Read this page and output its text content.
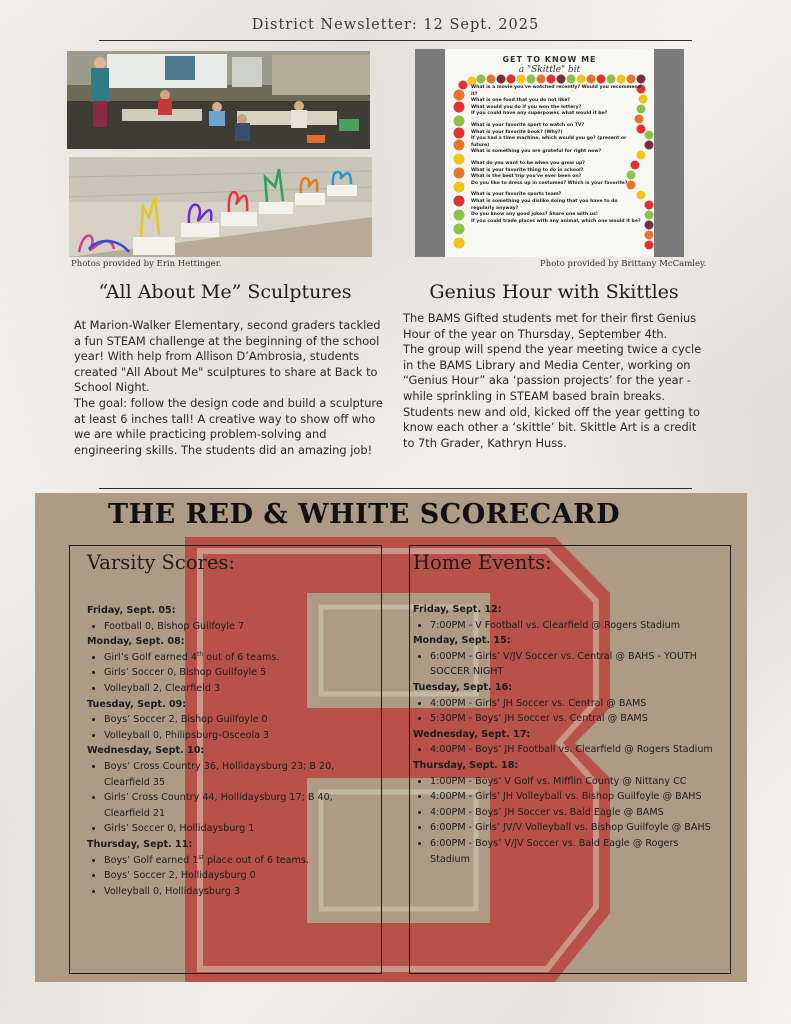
District Newsletter: 12 Sept. 2025
Photos provided by Erin Hettinger.
GET TO KNOW ME
a "Skittle" bit
What is a movie you've watched recently? Would you recommend it?
What is one food that you do not like?
What would you do if you won the lottery?
If you could have any superpower, what would it be?
What is your favorite sport to watch on TV?
What is your favorite book? (Why?)
If you had a time machine, which would you go? (present or future)
What is something you are grateful for right now?
What do you want to be when you grow up?
What is your favorite thing to do in school?
What is the best trip you've ever been on?
Do you like to dress up in costumes? Which is your favorite?
What is your favorite sports team?
What is something you dislike doing that you have to do regularly anyway?
Do you know any good jokes? Share one with us!
If you could trade places with any animal, which one would it be?
Photo provided by Brittany McCamley.
“All About Me” Sculptures

At Marion-Walker Elementary, second graders tackled a fun STEAM challenge at the beginning of the school year! With help from Allison D’Ambrosia, students created "All About Me" sculptures to share at Back to School Night.

The goal: follow the design code and build a sculpture at least 6 inches tall! A creative way to show off who we are while practicing problem-solving and engineering skills. The students did an amazing job!

Genius Hour with Skittles

The BAMS Gifted students met for their first Genius Hour of the year on Thursday, September 4th.

The group will spend the year meeting twice a cycle in the BAMS Library and Media Center, working on “Genius Hour” aka ‘passion projects’ for the year - while sprinkling in STEAM based brain breaks.

Students new and old, kicked off the year getting to know each other a ‘skittle’ bit. Skittle Art is a credit to 7th Grader, Kathryn Huss.

THE RED & WHITE SCORECARD
Varsity Scores:
Friday, Sept. 05:
• Football 0, Bishop Guilfoyle 7
Monday, Sept. 08:
• Girl’s Golf earned 4th out of 6 teams.
• Girls’ Soccer 0, Bishop Guilfoyle 5
• Volleyball 2, Clearfield 3
Tuesday, Sept. 09:
• Boys’ Soccer 2, Bishop Guilfoyle 0
• Volleyball 0, Philipsburg-Osceola 3
Wednesday, Sept. 10:
• Boys’ Cross Country 36, Hollidaysburg 23; B 20, Clearfield 35
• Girls’ Cross Country 44, Hollidaysburg 17; B 40, Clearfield 21
• Girls’ Soccer 0, Hollidaysburg 1
Thursday, Sept. 11:
• Boys’ Golf earned 1st place out of 6 teams.
• Boys’ Soccer 2, Hollidaysburg 0
• Volleyball 0, Hollidaysburg 3
Home Events:
Friday, Sept. 12:
• 7:00PM - V Football vs. Clearfield @ Rogers Stadium
Monday, Sept. 15:
• 6:00PM - Girls’ V/JV Soccer vs. Central @ BAHS - YOUTH SOCCER NIGHT
Tuesday, Sept. 16:
• 4:00PM - Girls’ JH Soccer vs. Central @ BAMS
• 5:30PM - Boys’ JH Soccer vs. Central @ BAMS
Wednesday, Sept. 17:
• 4:00PM - Boys’ JH Football vs. Clearfield @ Rogers Stadium
Thursday, Sept. 18:
• 1:00PM - Boys’ V Golf vs. Mifflin County @ Nittany CC
• 4:00PM - Girls’ JH Volleyball vs. Bishop Guilfoyle @ BAHS
• 4:00PM - Boys’ JH Soccer vs. Bald Eagle @ BAMS
• 6:00PM - Girls’ JV/V Volleyball vs. Bishop Guilfoyle @ BAHS
• 6:00PM - Boys’ V/JV Soccer vs. Bald Eagle @ Rogers Stadium
